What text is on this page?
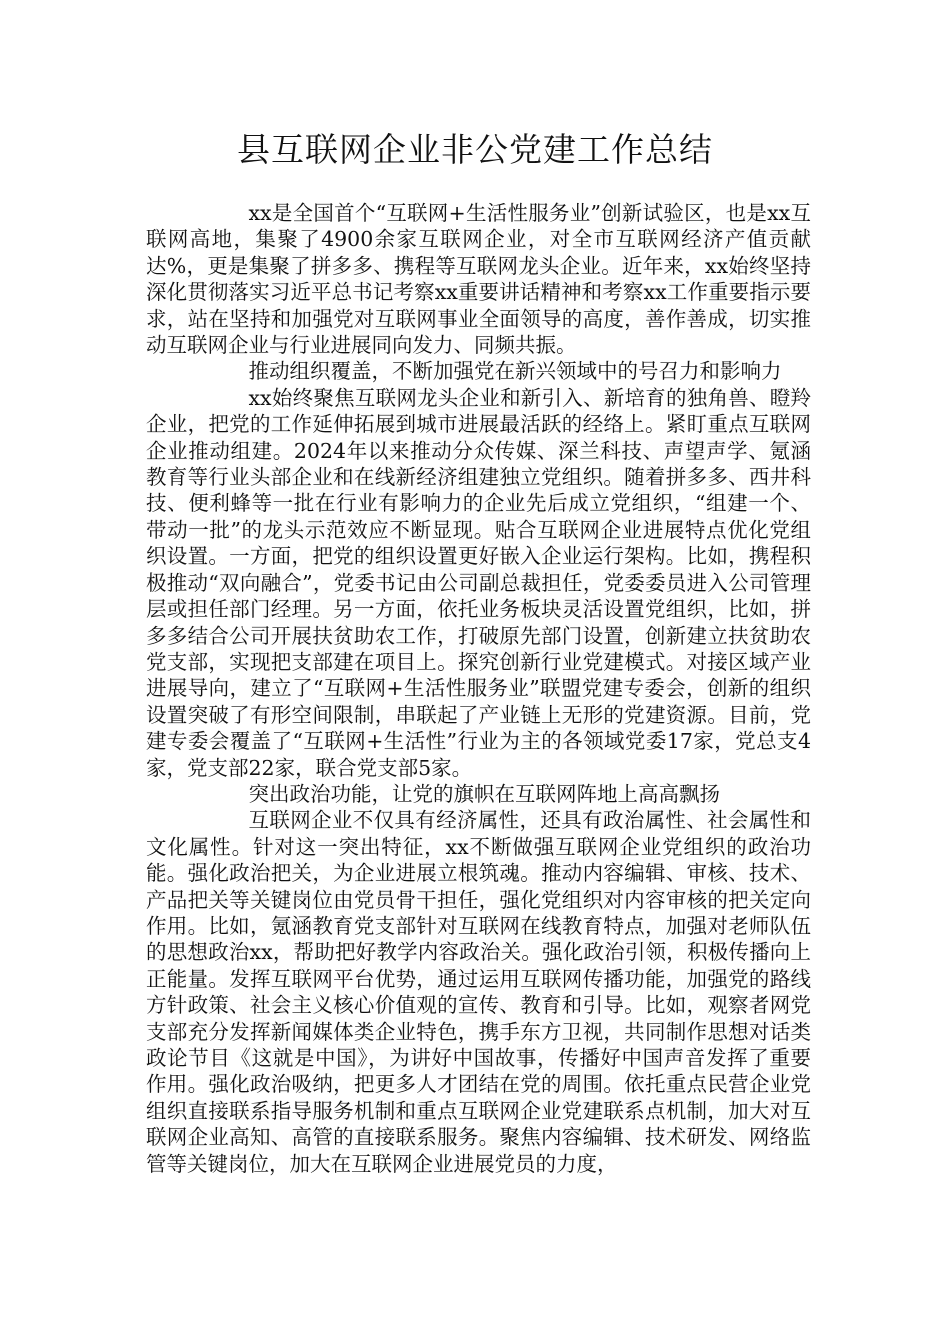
县互联网企业非公党建工作总结

xx是全国首个“互联网+生活性服务业”创新试验区，也是xx互联网高地，集聚了4900余家互联网企业，对全市互联网经济产值贡献达%，更是集聚了拼多多、携程等互联网龙头企业。近年来，xx始终坚持深化贯彻落实习近平总书记考察xx重要讲话精神和考察xx工作重要指示要求，站在坚持和加强党对互联网事业全面领导的高度，善作善成，切实推动互联网企业与行业进展同向发力、同频共振。

推动组织覆盖，不断加强党在新兴领域中的号召力和影响力

xx始终聚焦互联网龙头企业和新引入、新培育的独角兽、瞪羚企业，把党的工作延伸拓展到城市进展最活跃的经络上。紧盯重点互联网企业推动组建。2024年以来推动分众传媒、深兰科技、声望声学、氪涵教育等行业头部企业和在线新经济组建独立党组织。随着拼多多、西井科技、便利蜂等一批在行业有影响力的企业先后成立党组织，“组建一个、带动一批”的龙头示范效应不断显现。贴合互联网企业进展特点优化党组织设置。一方面，把党的组织设置更好嵌入企业运行架构。比如，携程积极推动“双向融合”，党委书记由公司副总裁担任，党委委员进入公司管理层或担任部门经理。另一方面，依托业务板块灵活设置党组织，比如，拼多多结合公司开展扶贫助农工作，打破原先部门设置，创新建立扶贫助农党支部，实现把支部建在项目上。探究创新行业党建模式。对接区域产业进展导向，建立了“互联网+生活性服务业”联盟党建专委会，创新的组织设置突破了有形空间限制，串联起了产业链上无形的党建资源。目前，党建专委会覆盖了“互联网+生活性”行业为主的各领域党委17家，党总支4家，党支部22家，联合党支部5家。

突出政治功能，让党的旗帜在互联网阵地上高高飘扬

互联网企业不仅具有经济属性，还具有政治属性、社会属性和文化属性。针对这一突出特征，xx不断做强互联网企业党组织的政治功能。强化政治把关，为企业进展立根筑魂。推动内容编辑、审核、技术、产品把关等关键岗位由党员骨干担任，强化党组织对内容审核的把关定向作用。比如，氪涵教育党支部针对互联网在线教育特点，加强对老师队伍的思想政治xx，帮助把好教学内容政治关。强化政治引领，积极传播向上正能量。发挥互联网平台优势，通过运用互联网传播功能，加强党的路线方针政策、社会主义核心价值观的宣传、教育和引导。比如，观察者网党支部充分发挥新闻媒体类企业特色，携手东方卫视，共同制作思想对话类政论节目《这就是中国》，为讲好中国故事，传播好中国声音发挥了重要作用。强化政治吸纳，把更多人才团结在党的周围。依托重点民营企业党组织直接联系指导服务机制和重点互联网企业党建联系点机制，加大对互联网企业高知、高管的直接联系服务。聚焦内容编辑、技术研发、网络监管等关键岗位，加大在互联网企业进展党员的力度，
